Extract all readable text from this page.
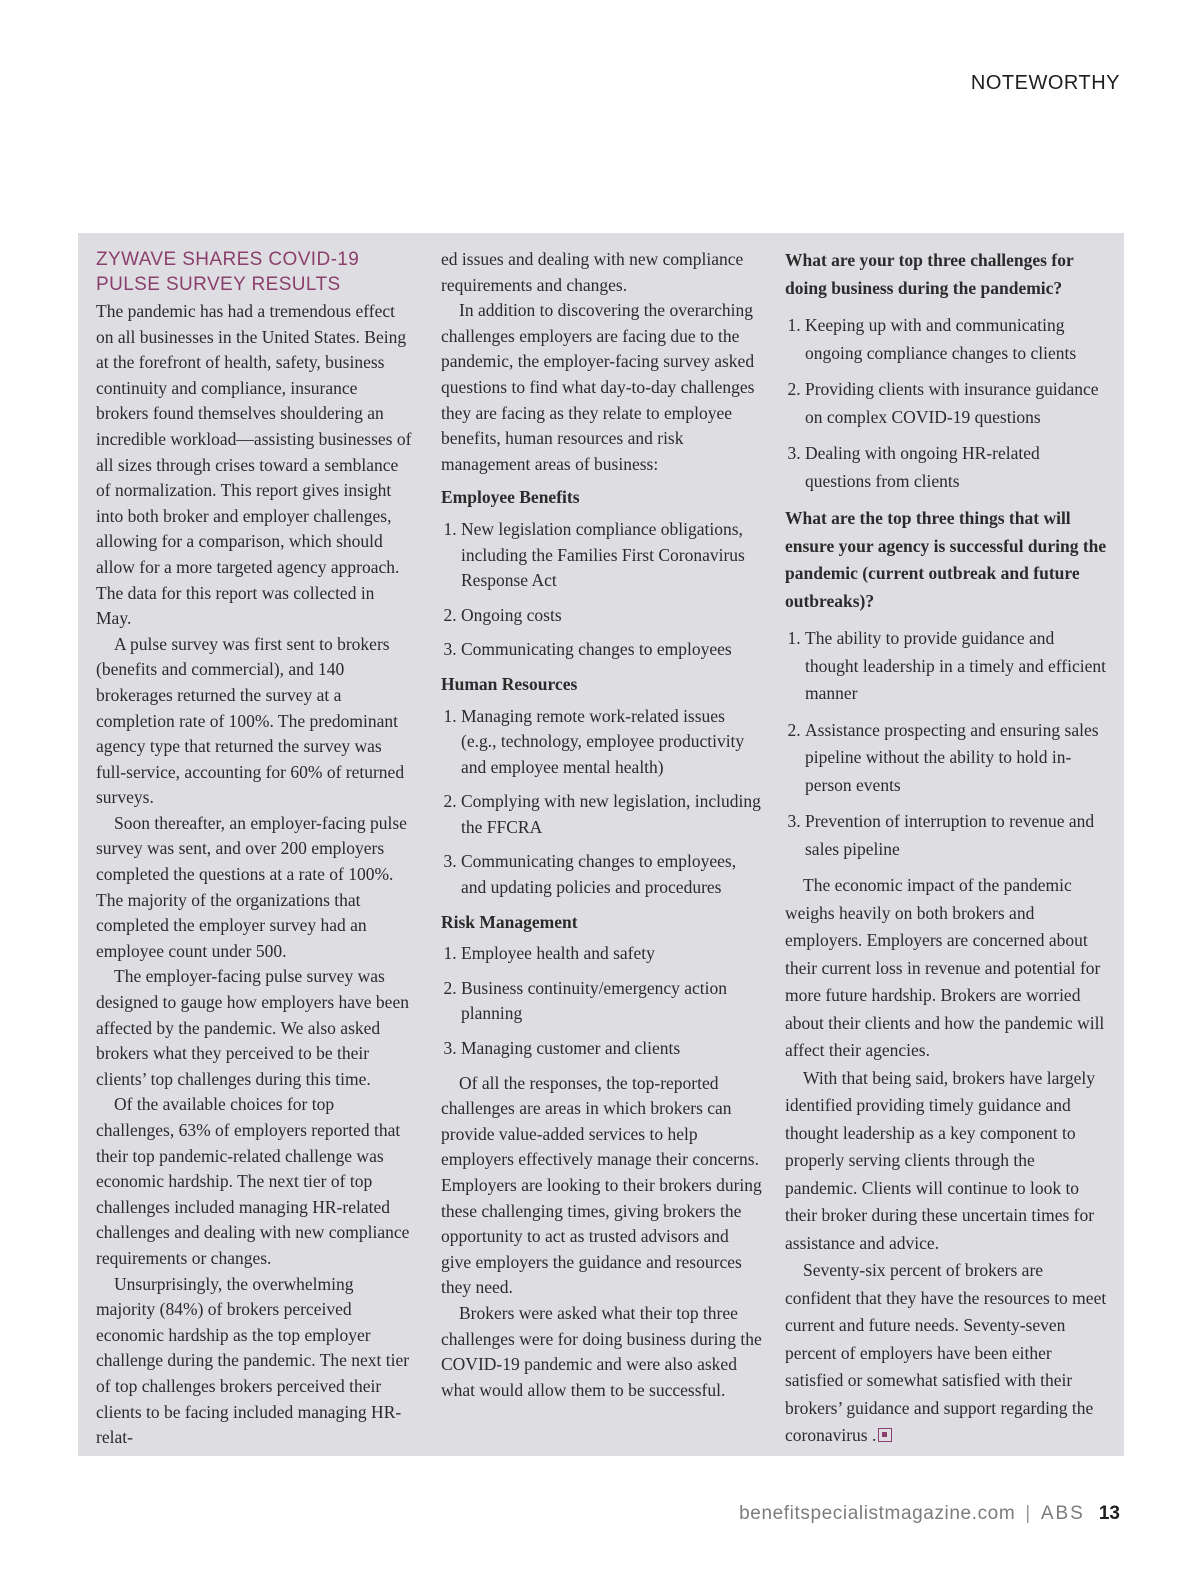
NOTEWORTHY
ZYWAVE SHARES COVID-19
PULSE SURVEY RESULTS

The pandemic has had a tremendous effect on all businesses in the United States. Being at the forefront of health, safety, business continuity and compliance, insurance brokers found themselves shouldering an incredible workload—assisting businesses of all sizes through crises toward a semblance of normalization. This report gives insight into both broker and employer challenges, allowing for a comparison, which should allow for a more targeted agency approach. The data for this report was collected in May.

A pulse survey was first sent to brokers (benefits and commercial), and 140 brokerages returned the survey at a completion rate of 100%. The predominant agency type that returned the survey was full-service, accounting for 60% of returned surveys.

Soon thereafter, an employer-facing pulse survey was sent, and over 200 employers completed the questions at a rate of 100%. The majority of the organizations that completed the employer survey had an employee count under 500.

The employer-facing pulse survey was designed to gauge how employers have been affected by the pandemic. We also asked brokers what they perceived to be their clients’ top challenges during this time.

Of the available choices for top challenges, 63% of employers reported that their top pandemic-related challenge was economic hardship. The next tier of top challenges included managing HR-related challenges and dealing with new compliance requirements or changes.

Unsurprisingly, the overwhelming majority (84%) of brokers perceived economic hardship as the top employer challenge during the pandemic. The next tier of top challenges brokers perceived their clients to be facing included managing HR-relat-

ed issues and dealing with new compliance requirements and changes.

In addition to discovering the overarching challenges employers are facing due to the pandemic, the employer-facing survey asked questions to find what day-to-day challenges they are facing as they relate to employee benefits, human resources and risk management areas of business:

Employee Benefits
1. New legislation compliance obligations, including the Families First Coronavirus Response Act
2. Ongoing costs
3. Communicating changes to employees
Human Resources
1. Managing remote work-related issues (e.g., technology, employee productivity and employee mental health)
2. Complying with new legislation, including the FFCRA
3. Communicating changes to employees, and updating policies and procedures
Risk Management
1. Employee health and safety
2. Business continuity/emergency action planning
3. Managing customer and clients

Of all the responses, the top-reported challenges are areas in which brokers can provide value-added services to help employers effectively manage their concerns. Employers are looking to their brokers during these challenging times, giving brokers the opportunity to act as trusted advisors and give employers the guidance and resources they need.

Brokers were asked what their top three challenges were for doing business during the COVID-19 pandemic and were also asked what would allow them to be successful.

What are your top three challenges for doing business during the pandemic?
1. Keeping up with and communicating ongoing compliance changes to clients
2. Providing clients with insurance guidance on complex COVID-19 questions
3. Dealing with ongoing HR-related questions from clients
What are the top three things that will ensure your agency is successful during the pandemic (current outbreak and future outbreaks)?
1. The ability to provide guidance and thought leadership in a timely and efficient manner
2. Assistance prospecting and ensuring sales pipeline without the ability to hold in-person events
3. Prevention of interruption to revenue and sales pipeline

The economic impact of the pandemic weighs heavily on both brokers and employers. Employers are concerned about their current loss in revenue and potential for more future hardship. Brokers are worried about their clients and how the pandemic will affect their agencies.

With that being said, brokers have largely identified providing timely guidance and thought leadership as a key component to properly serving clients through the pandemic. Clients will continue to look to their broker during these uncertain times for assistance and advice.

Seventy-six percent of brokers are confident that they have the resources to meet current and future needs. Seventy-seven percent of employers have been either satisfied or somewhat satisfied with their brokers’ guidance and support regarding the coronavirus .

benefitspecialistmagazine.com | ABS 13
